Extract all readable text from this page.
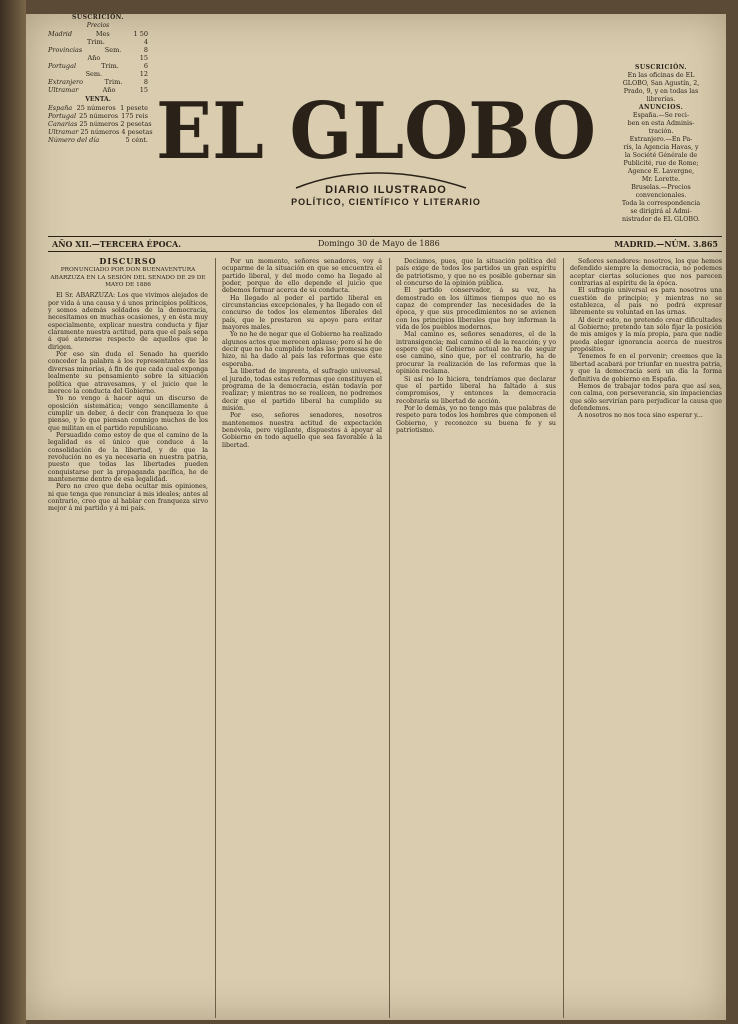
SUSCRICIÓN.
Precios
Madrid	Mes	1 50
Trim.	4
Provincias	Sem.	8
Año	15
Portugal	Trim.	6
Sem.	12
Extranjero	Trim.	8
Ultramar	Año	15
VENTA.
España 25 números 1 pesete
Portugal 25 números 175 reis
Canarias 25 números 2 pesetas
Ultramar 25 números 4 pesetas
Número del día	5 cént. EL GLOBO
DIARIO ILUSTRADO
POLÍTICO, CIENTÍFICO Y LITERARIO
SUSCRICIÓN.
En las oficinas de EL
GLOBO, San Agustín, 2,
Prado, 9, y en todas las
librerías.
ANUNCIOS.
España.—Se reci-
ben en esta Adminis-
tración.
Extranjero.—En Pa-
rís, la Agencia Havas, y
la Société Générale de
Publicité, rue de Rome;
Agence E. Lavergne,
Mr. Lorette.
Bruselas.—Precios
convencionales.
Toda la correspondencia
se dirigirá al Admi-
nistrador de EL GLOBO.
AÑO XII.—TERCERA ÉPOCA.	Domingo 30 de Mayo de 1886	MADRID.—NÚM. 3.865

DISCURSO

PRONUNCIADO POR DON BUENAVENTURA ABARZUZA EN LA SESIÓN DEL SENADO DE 29 DE MAYO DE 1886

El Sr. ABARZUZA: Los que vivimos alejados de por vida á una causa y á unos principios políticos, y somos además soldados de la democracia, necesitamos en muchas ocasiones, y en ésta muy especialmente, explicar nuestra conducta y fijar claramente nuestra actitud, para que el país sepa á qué atenerse respecto de aquellos que le dirigen.

Por eso sin duda el Senado ha querido conceder la palabra á los representantes de las diversas minorías, á fin de que cada cual exponga lealmente su pensamiento sobre la situación política que atravesamos, y el juicio que le merece la conducta del Gobierno.

Yo no vengo á hacer aquí un discurso de oposición sistemática; vengo sencillamente á cumplir un deber, á decir con franqueza lo que pienso, y lo que piensan conmigo muchos de los que militan en el partido republicano.

Persuadido como estoy de que el camino de la legalidad es el único que conduce á la consolidación de la libertad, y de que la revolución no es ya necesaria en nuestra patria, puesto que todas las libertades pueden conquistarse por la propaganda pacífica, he de mantenerme dentro de esa legalidad.

Pero no creo que deba ocultar mis opiniones, ni que tenga que renunciar á mis ideales; antes al contrario, creo que al hablar con franqueza sirvo mejor á mi partido y á mi país.

Por un momento, señores senadores, voy á ocuparme de la situación en que se encuentra el partido liberal, y del modo como ha llegado al poder, porque de ello depende el juicio que debemos formar acerca de su conducta.

Ha llegado al poder el partido liberal en circunstancias excepcionales, y ha llegado con el concurso de todos los elementos liberales del país, que le prestaron su apoyo para evitar mayores males.

Yo no he de negar que el Gobierno ha realizado algunos actos que merecen aplauso; pero sí he de decir que no ha cumplido todas las promesas que hizo, ni ha dado al país las reformas que éste esperaba.

La libertad de imprenta, el sufragio universal, el jurado, todas estas reformas que constituyen el programa de la democracia, están todavía por realizar; y mientras no se realicen, no podremos decir que el partido liberal ha cumplido su misión.

Por eso, señores senadores, nosotros mantenemos nuestra actitud de expectación benévola, pero vigilante, dispuestos á apoyar al Gobierno en todo aquello que sea favorable á la libertad.

Decíamos, pues, que la situación política del país exige de todos los partidos un gran espíritu de patriotismo, y que no es posible gobernar sin el concurso de la opinión pública.

El partido conservador, á su vez, ha demostrado en los últimos tiempos que no es capaz de comprender las necesidades de la época, y que sus procedimientos no se avienen con los principios liberales que hoy informan la vida de los pueblos modernos.

Mal camino es, señores senadores, el de la intransigencia; mal camino el de la reacción; y yo espero que el Gobierno actual no ha de seguir ese camino, sino que, por el contrario, ha de procurar la realización de las reformas que la opinión reclama.

Si así no lo hiciera, tendríamos que declarar que el partido liberal ha faltado á sus compromisos, y entonces la democracia recobraría su libertad de acción.

Por lo demás, yo no tengo más que palabras de respeto para todos los hombres que componen el Gobierno, y reconozco su buena fe y su patriotismo.

Señores senadores: nosotros, los que hemos defendido siempre la democracia, no podemos aceptar ciertas soluciones que nos parecen contrarias al espíritu de la época.

El sufragio universal es para nosotros una cuestión de principio; y mientras no se establezca, el país no podrá expresar libremente su voluntad en las urnas.

Al decir esto, no pretendo crear dificultades al Gobierno; pretendo tan sólo fijar la posición de mis amigos y la mía propia, para que nadie pueda alegar ignorancia acerca de nuestros propósitos.

Tenemos fe en el porvenir; creemos que la libertad acabará por triunfar en nuestra patria, y que la democracia será un día la forma definitiva de gobierno en España.

Hemos de trabajar todos para que así sea, con calma, con perseverancia, sin impaciencias que sólo servirían para perjudicar la causa que defendemos.

A nosotros no nos toca sino esperar y...
